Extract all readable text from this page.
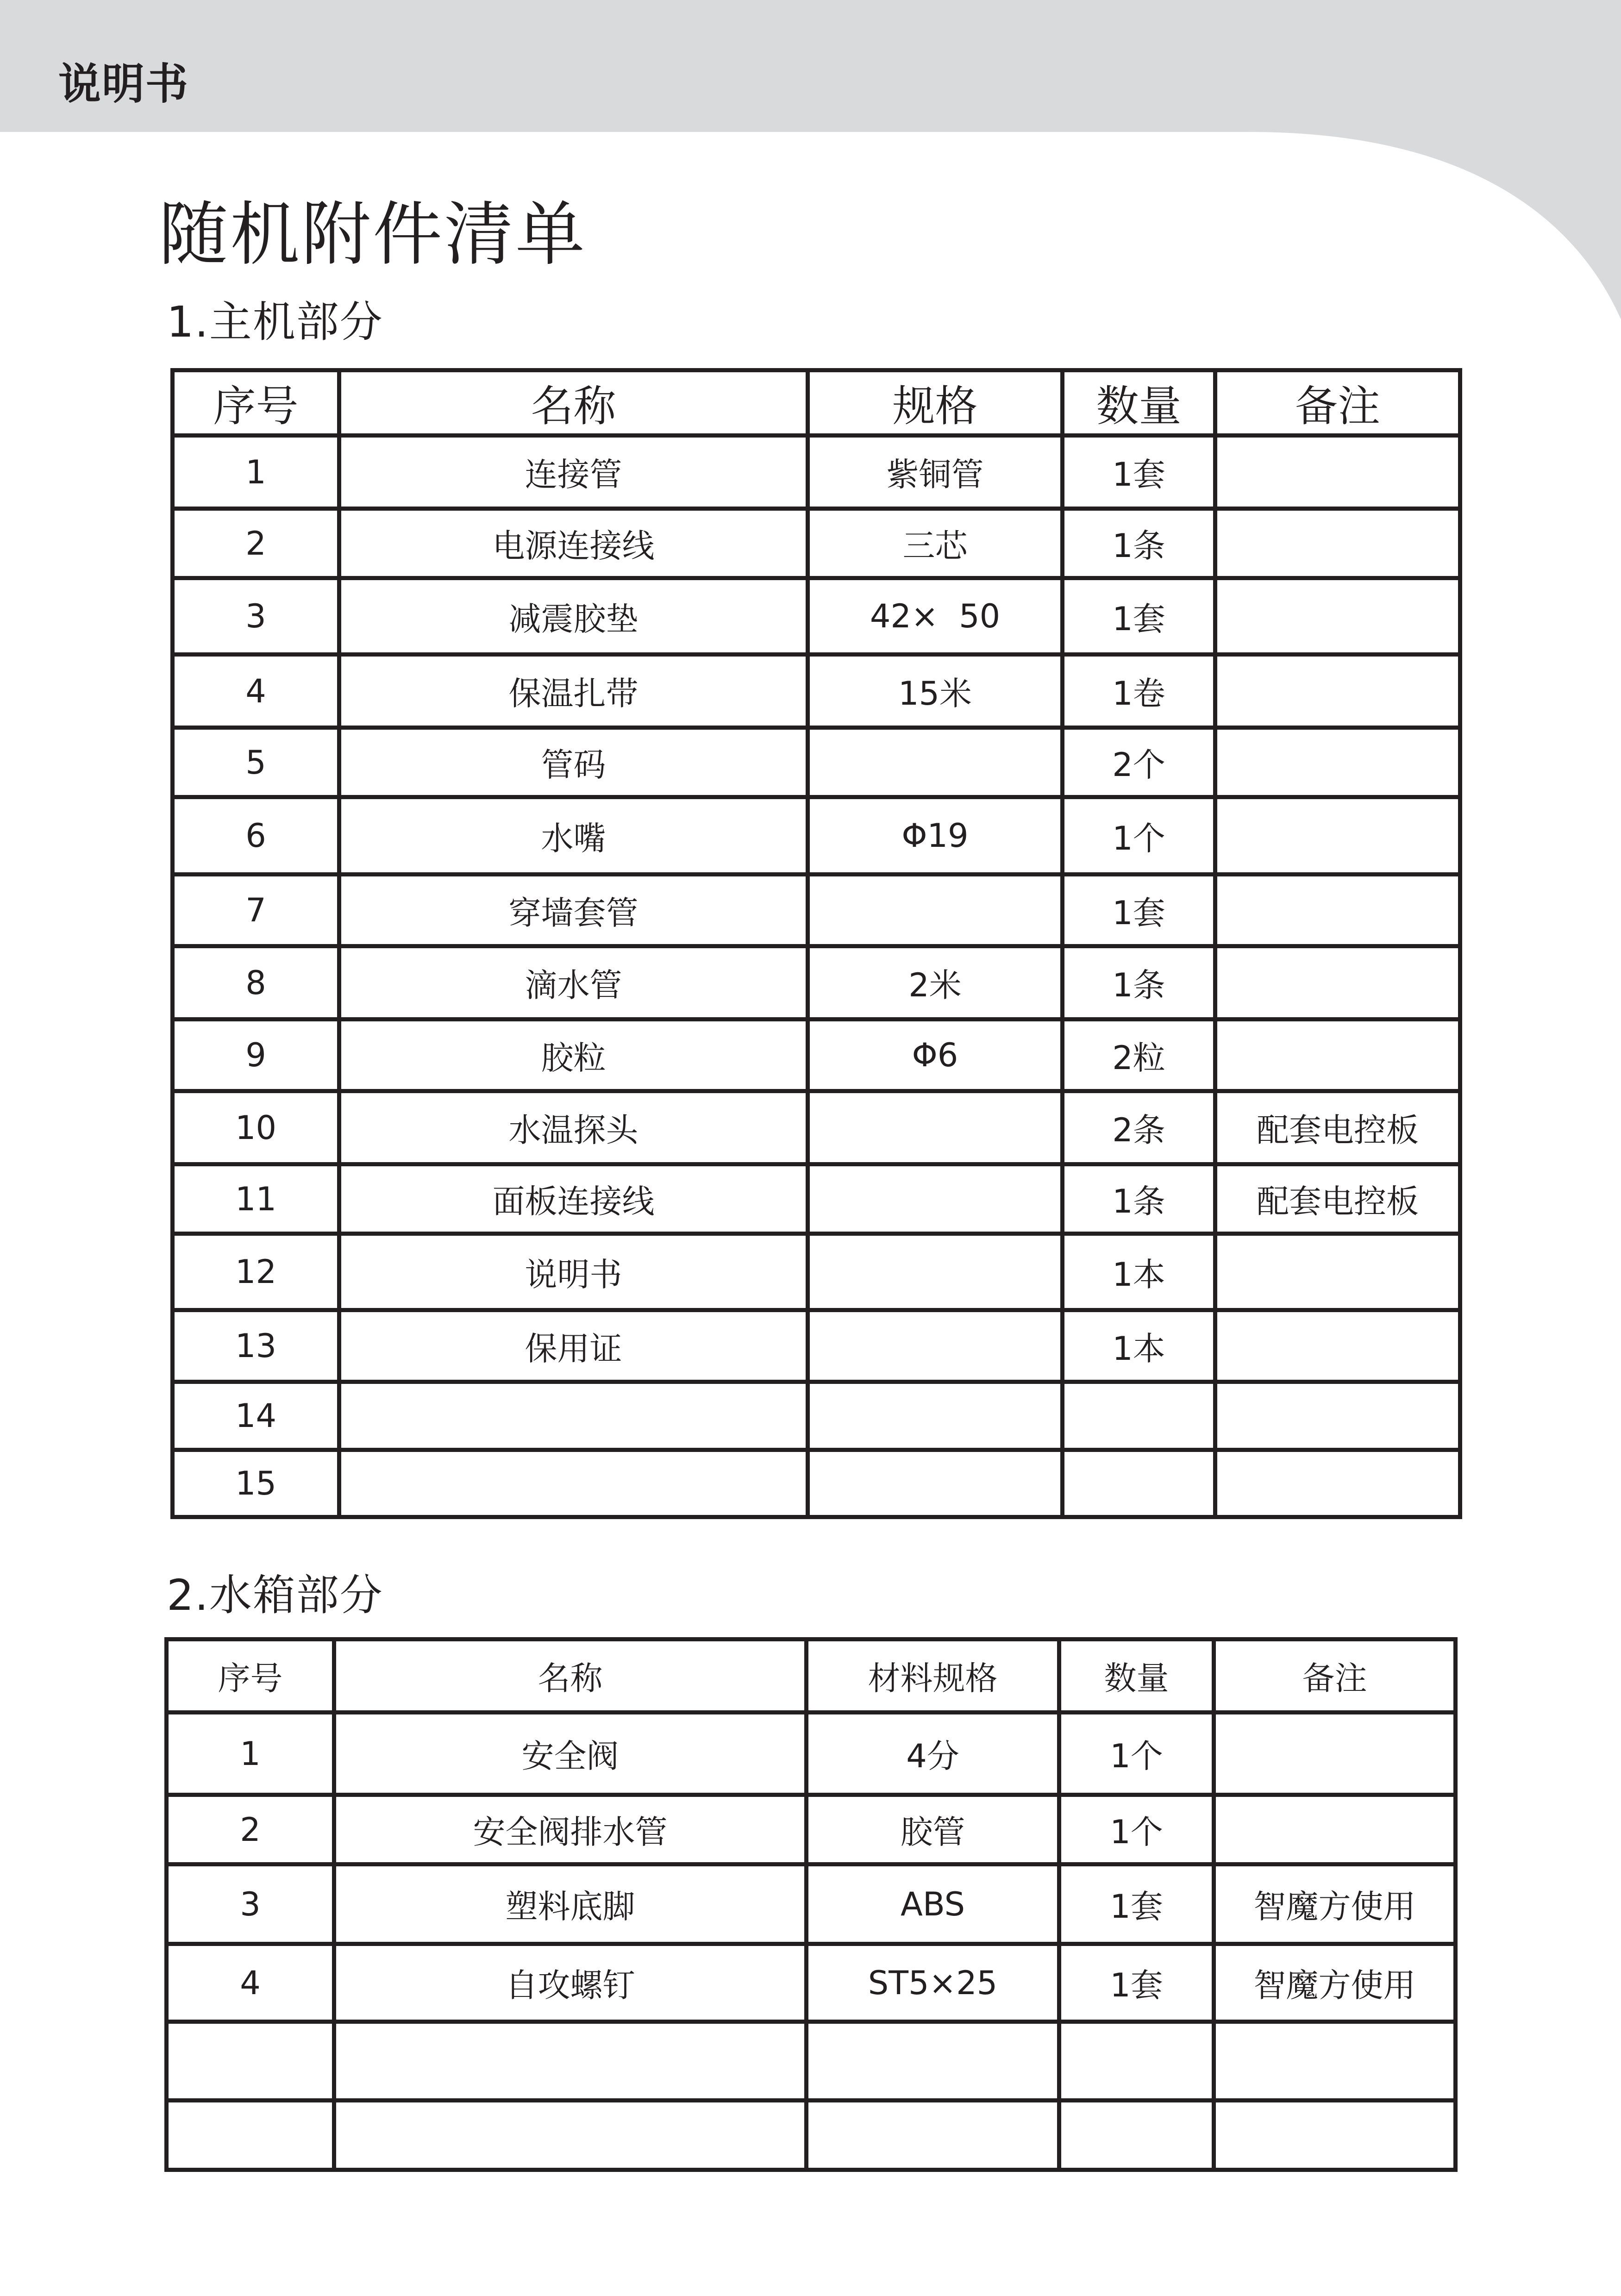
说明书
随机附件清单
1.主机部分
序号	名称	规格	数量	备注
1	连接管	紫铜管	1套	
2	电源连接线	三芯	1条	
3	减震胶垫	42×  50	1套	
4	保温扎带	15米	1卷	
5	管码		2个	
6	水嘴	Φ19	1个	
7	穿墙套管		1套	
8	滴水管	2米	1条	
9	胶粒	Φ6	2粒	
10	水温探头		2条	配套电控板
11	面板连接线		1条	配套电控板
12	说明书		1本	
13	保用证		1本	
14				
15				
2.水箱部分
序号	名称	材料规格	数量	备注
1	安全阀	4分	1个	
2	安全阀排水管	胶管	1个	
3	塑料底脚	ABS	1套	智魔方使用
4	自攻螺钉	ST5×25	1套	智魔方使用
